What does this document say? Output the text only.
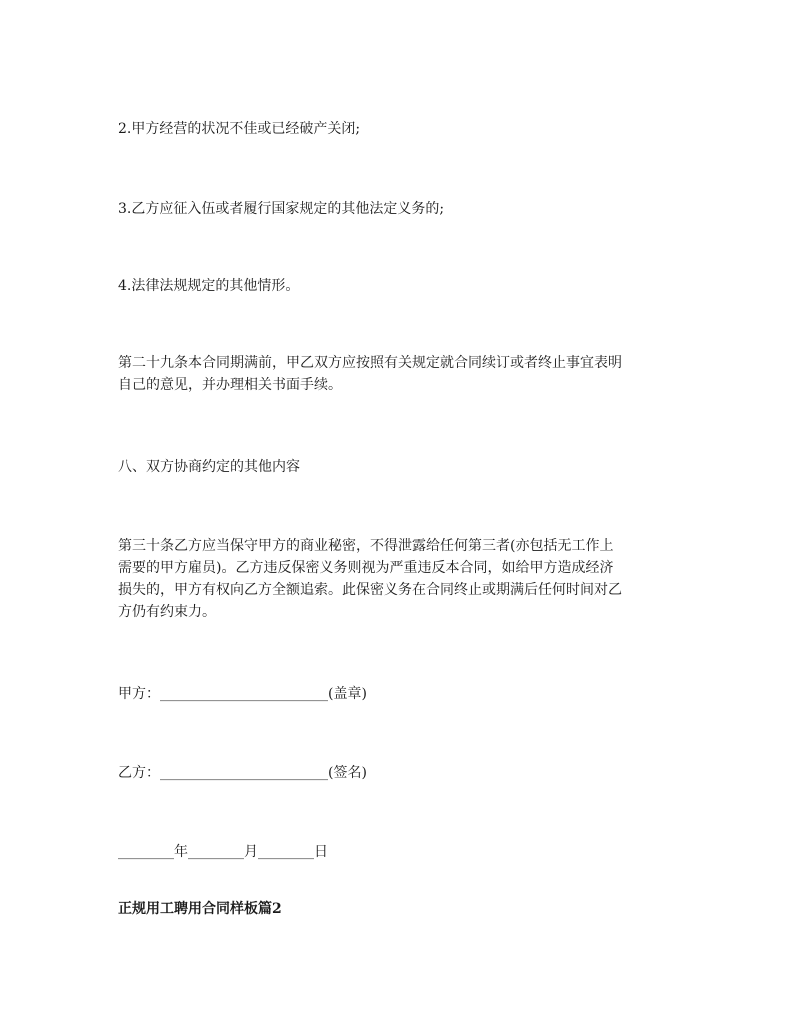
2.甲方经营的状况不佳或已经破产关闭;

3.乙方应征入伍或者履行国家规定的其他法定义务的;

4.法律法规规定的其他情形。

第二十九条本合同期满前，甲乙双方应按照有关规定就合同续订或者终止事宜表明
自己的意见，并办理相关书面手续。

八、双方协商约定的其他内容

第三十条乙方应当保守甲方的商业秘密，不得泄露给任何第三者(亦包括无工作上
需要的甲方雇员)。乙方违反保密义务则视为严重违反本合同，如给甲方造成经济
损失的，甲方有权向乙方全额追索。此保密义务在合同终止或期满后任何时间对乙
方仍有约束力。

甲方：________________________(盖章)

乙方：________________________(签名)

________年________月________日

正规用工聘用合同样板篇2
